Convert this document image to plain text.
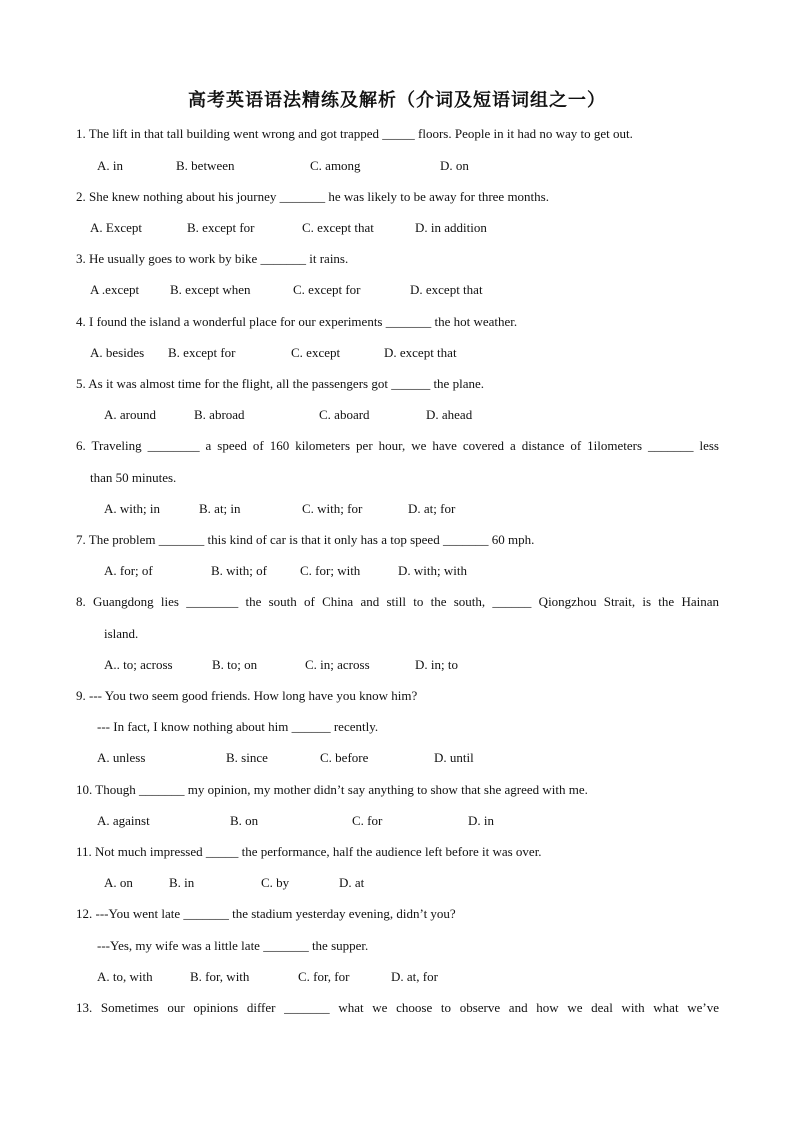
高考英语语法精练及解析（介词及短语词组之一）
1. The lift in that tall building went wrong and got trapped _____ floors. People in it had no way to get out.
A. in	B. between	C. among	D. on
2. She knew nothing about his journey _______ he was likely to be away for three months.
A. Except	B. except for	C. except that	D. in addition
3. He usually goes to work by bike _______ it rains.
A .except B. except when	C. except for	D. except that
4. I found the island a wonderful place for our experiments _______ the hot weather.
A. besides B. except for	C. except	D. except that
5. As it was almost time for the flight, all the passengers got ______ the plane.
A. around	B. abroad	C. aboard	D. ahead
6. Traveling ________ a speed of 160 kilometers per hour, we have covered a distance of 1ilometers _______ less
than 50 minutes.
A. with; in	B. at; in	C. with; for	D. at; for
7. The problem _______ this kind of car is that it only has a top speed _______ 60 mph.
A. for; of	B. with; of	C. for; with	D. with; with
8. Guangdong lies ________ the south of China and still to the south, ______ Qiongzhou Strait, is the Hainan
island.
A.. to; across	B. to; on	C. in; across	D. in; to
9. --- You two seem good friends. How long have you know him?
--- In fact, I know nothing about him ______ recently.
A. unless	B. since	C. before	D. until
10. Though _______ my opinion, my mother didn’t say anything to show that she agreed with me.
A. against	B. on	C. for	D. in
11. Not much impressed _____ the performance, half the audience left before it was over.
A. on	B. in	C. by	D. at
12. ---You went late _______ the stadium yesterday evening, didn’t you?
---Yes, my wife was a little late _______ the supper.
A. to, with	B. for, with	C. for, for	D. at, for
13. Sometimes our opinions differ _______ what we choose to observe and how we deal with what we’ve
